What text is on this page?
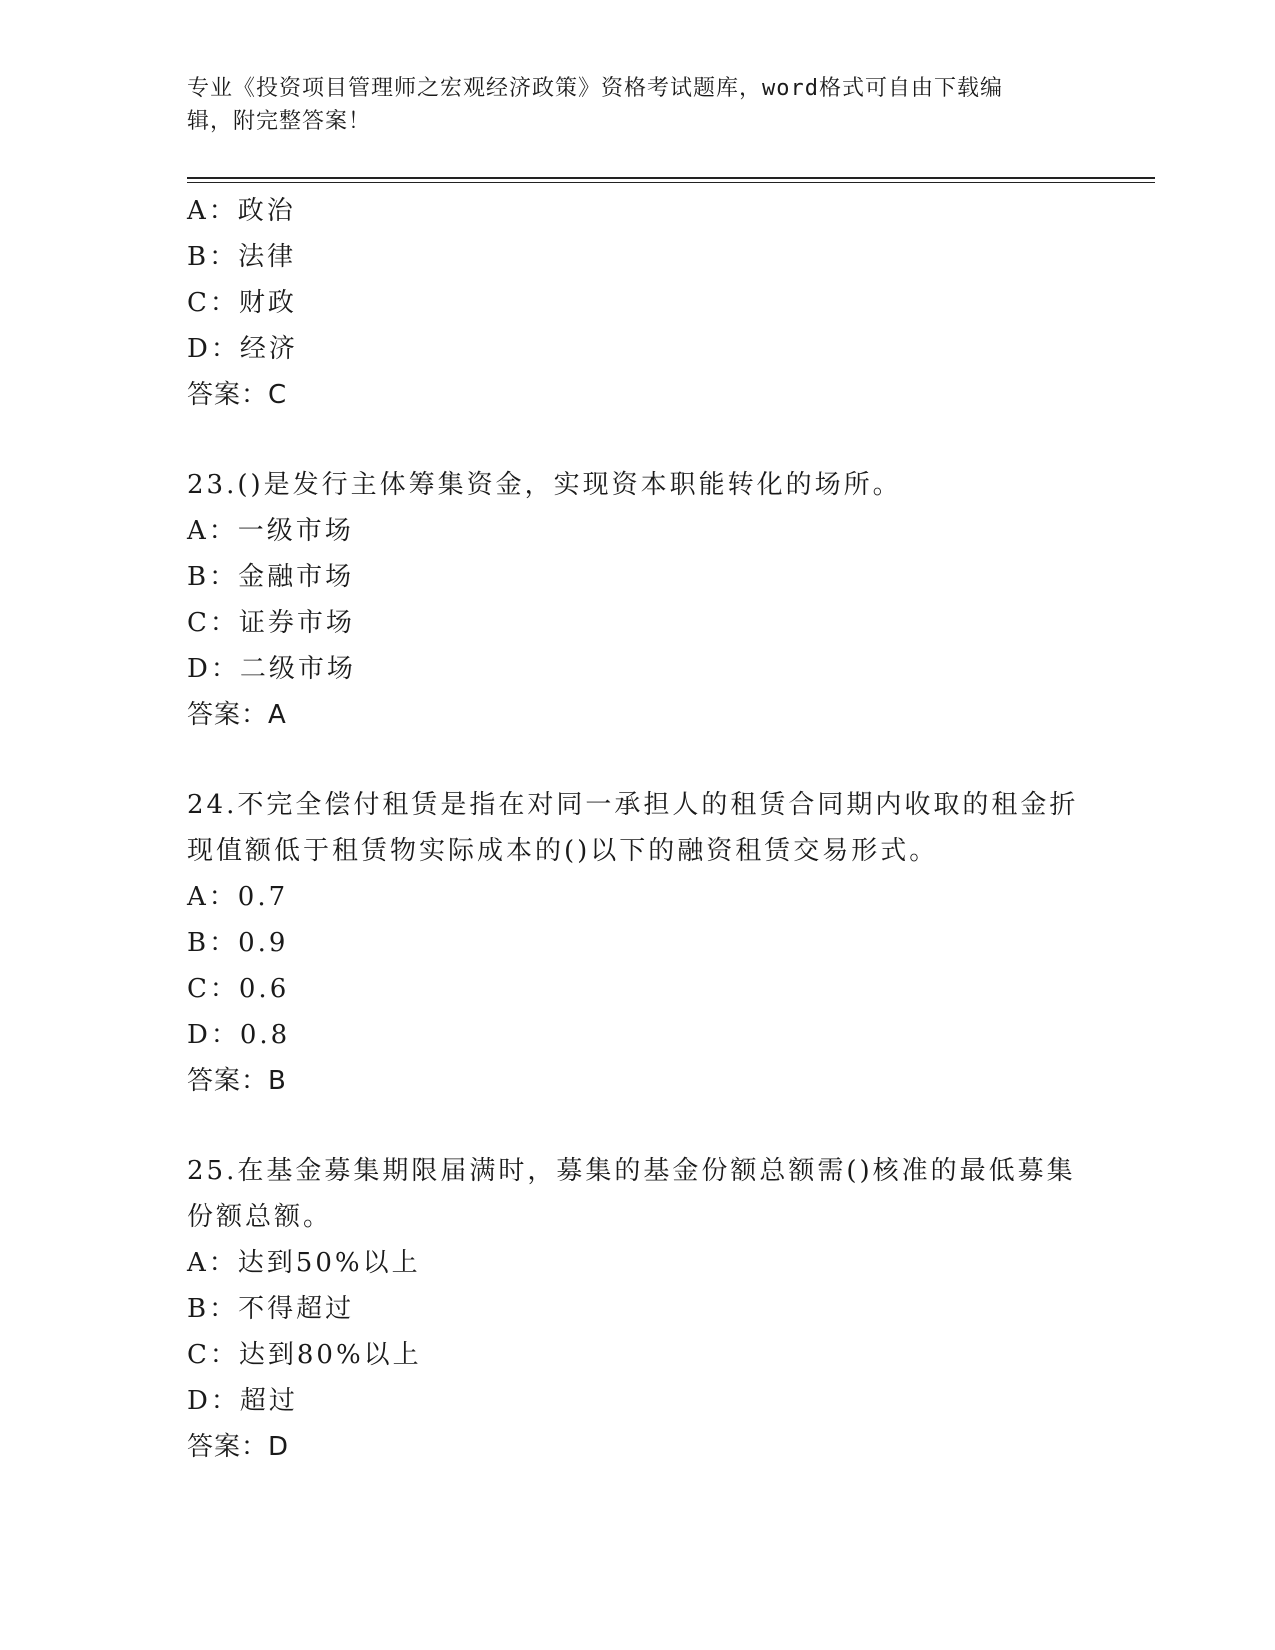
专业《投资项目管理师之宏观经济政策》资格考试题库，word格式可自由下载编
辑，附完整答案！
A：政治
B：法律
C：财政
D：经济
答案：C
23.()是发行主体筹集资金，实现资本职能转化的场所。
A：一级市场
B：金融市场
C：证券市场
D：二级市场
答案：A
24.不完全偿付租赁是指在对同一承担人的租赁合同期内收取的租金折
现值额低于租赁物实际成本的()以下的融资租赁交易形式。
A：0.7
B：0.9
C：0.6
D：0.8
答案：B
25.在基金募集期限届满时，募集的基金份额总额需()核准的最低募集
份额总额。
A：达到50%以上
B：不得超过
C：达到80%以上
D：超过
答案：D
